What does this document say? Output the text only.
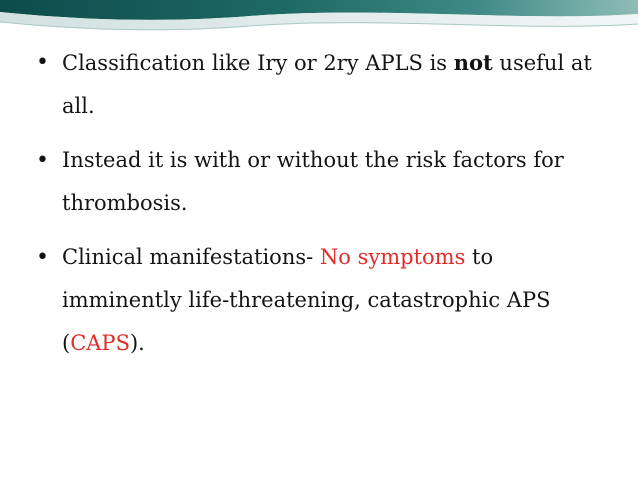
• Classification like Iry or 2ry APLS is not useful at all.
• Instead it is with or without the risk factors for thrombosis.
• Clinical manifestations- No symptoms to imminently life-threatening, catastrophic APS (CAPS).
